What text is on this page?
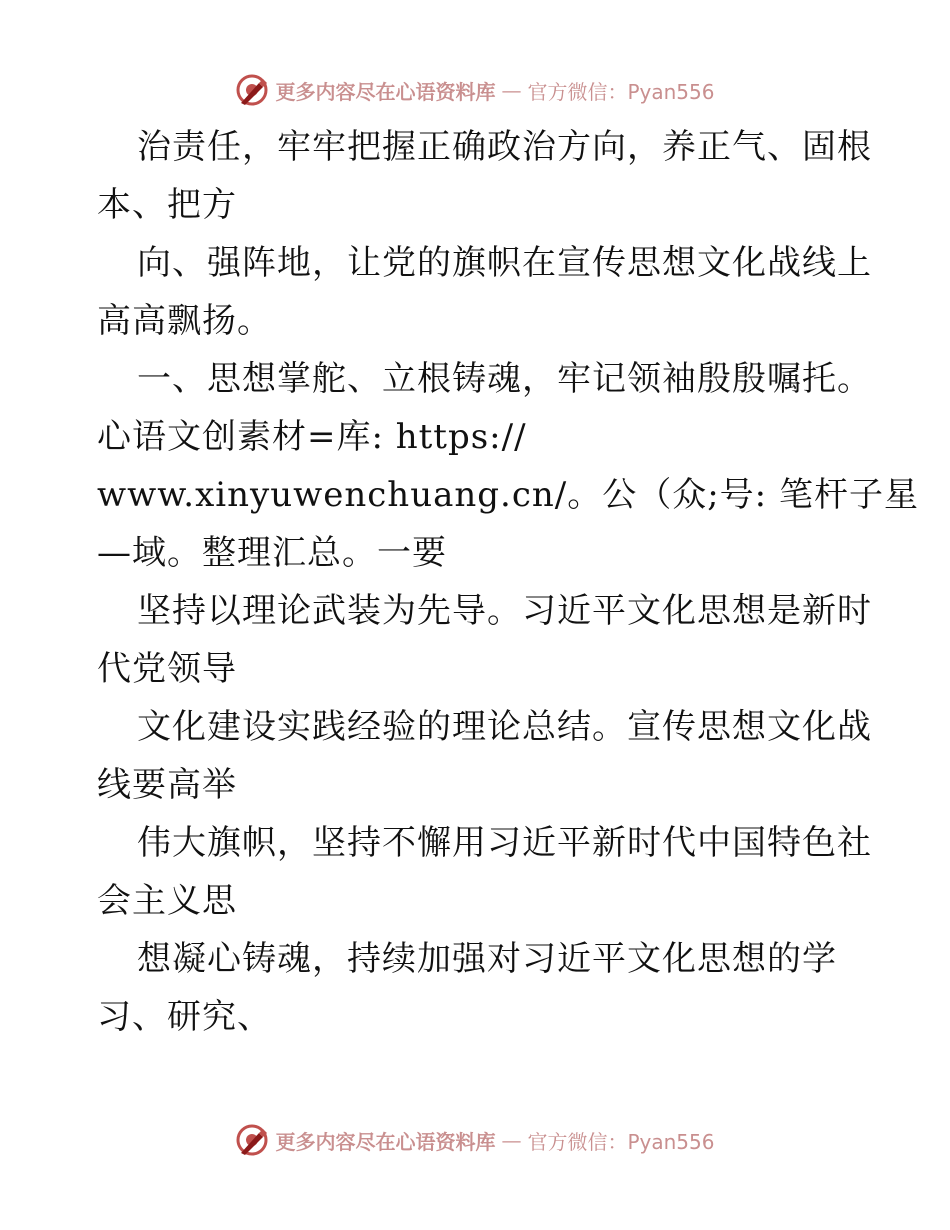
更多内容尽在心语资料库 — 官方微信：Pyan556
治责任，牢牢把握正确政治方向，养正气、固根
本、把方
向、强阵地，让党的旗帜在宣传思想文化战线上
高高飘扬。
一、思想掌舵、立根铸魂，牢记领袖殷殷嘱托。
心语文创素材=库: https://
www.xinyuwenchuang.cn/。公（众;号: 笔杆子星
—域。整理汇总。一要
坚持以理论武装为先导。习近平文化思想是新时
代党领导
文化建设实践经验的理论总结。宣传思想文化战
线要高举
伟大旗帜，坚持不懈用习近平新时代中国特色社
会主义思
想凝心铸魂，持续加强对习近平文化思想的学
习、研究、
更多内容尽在心语资料库 — 官方微信：Pyan556
